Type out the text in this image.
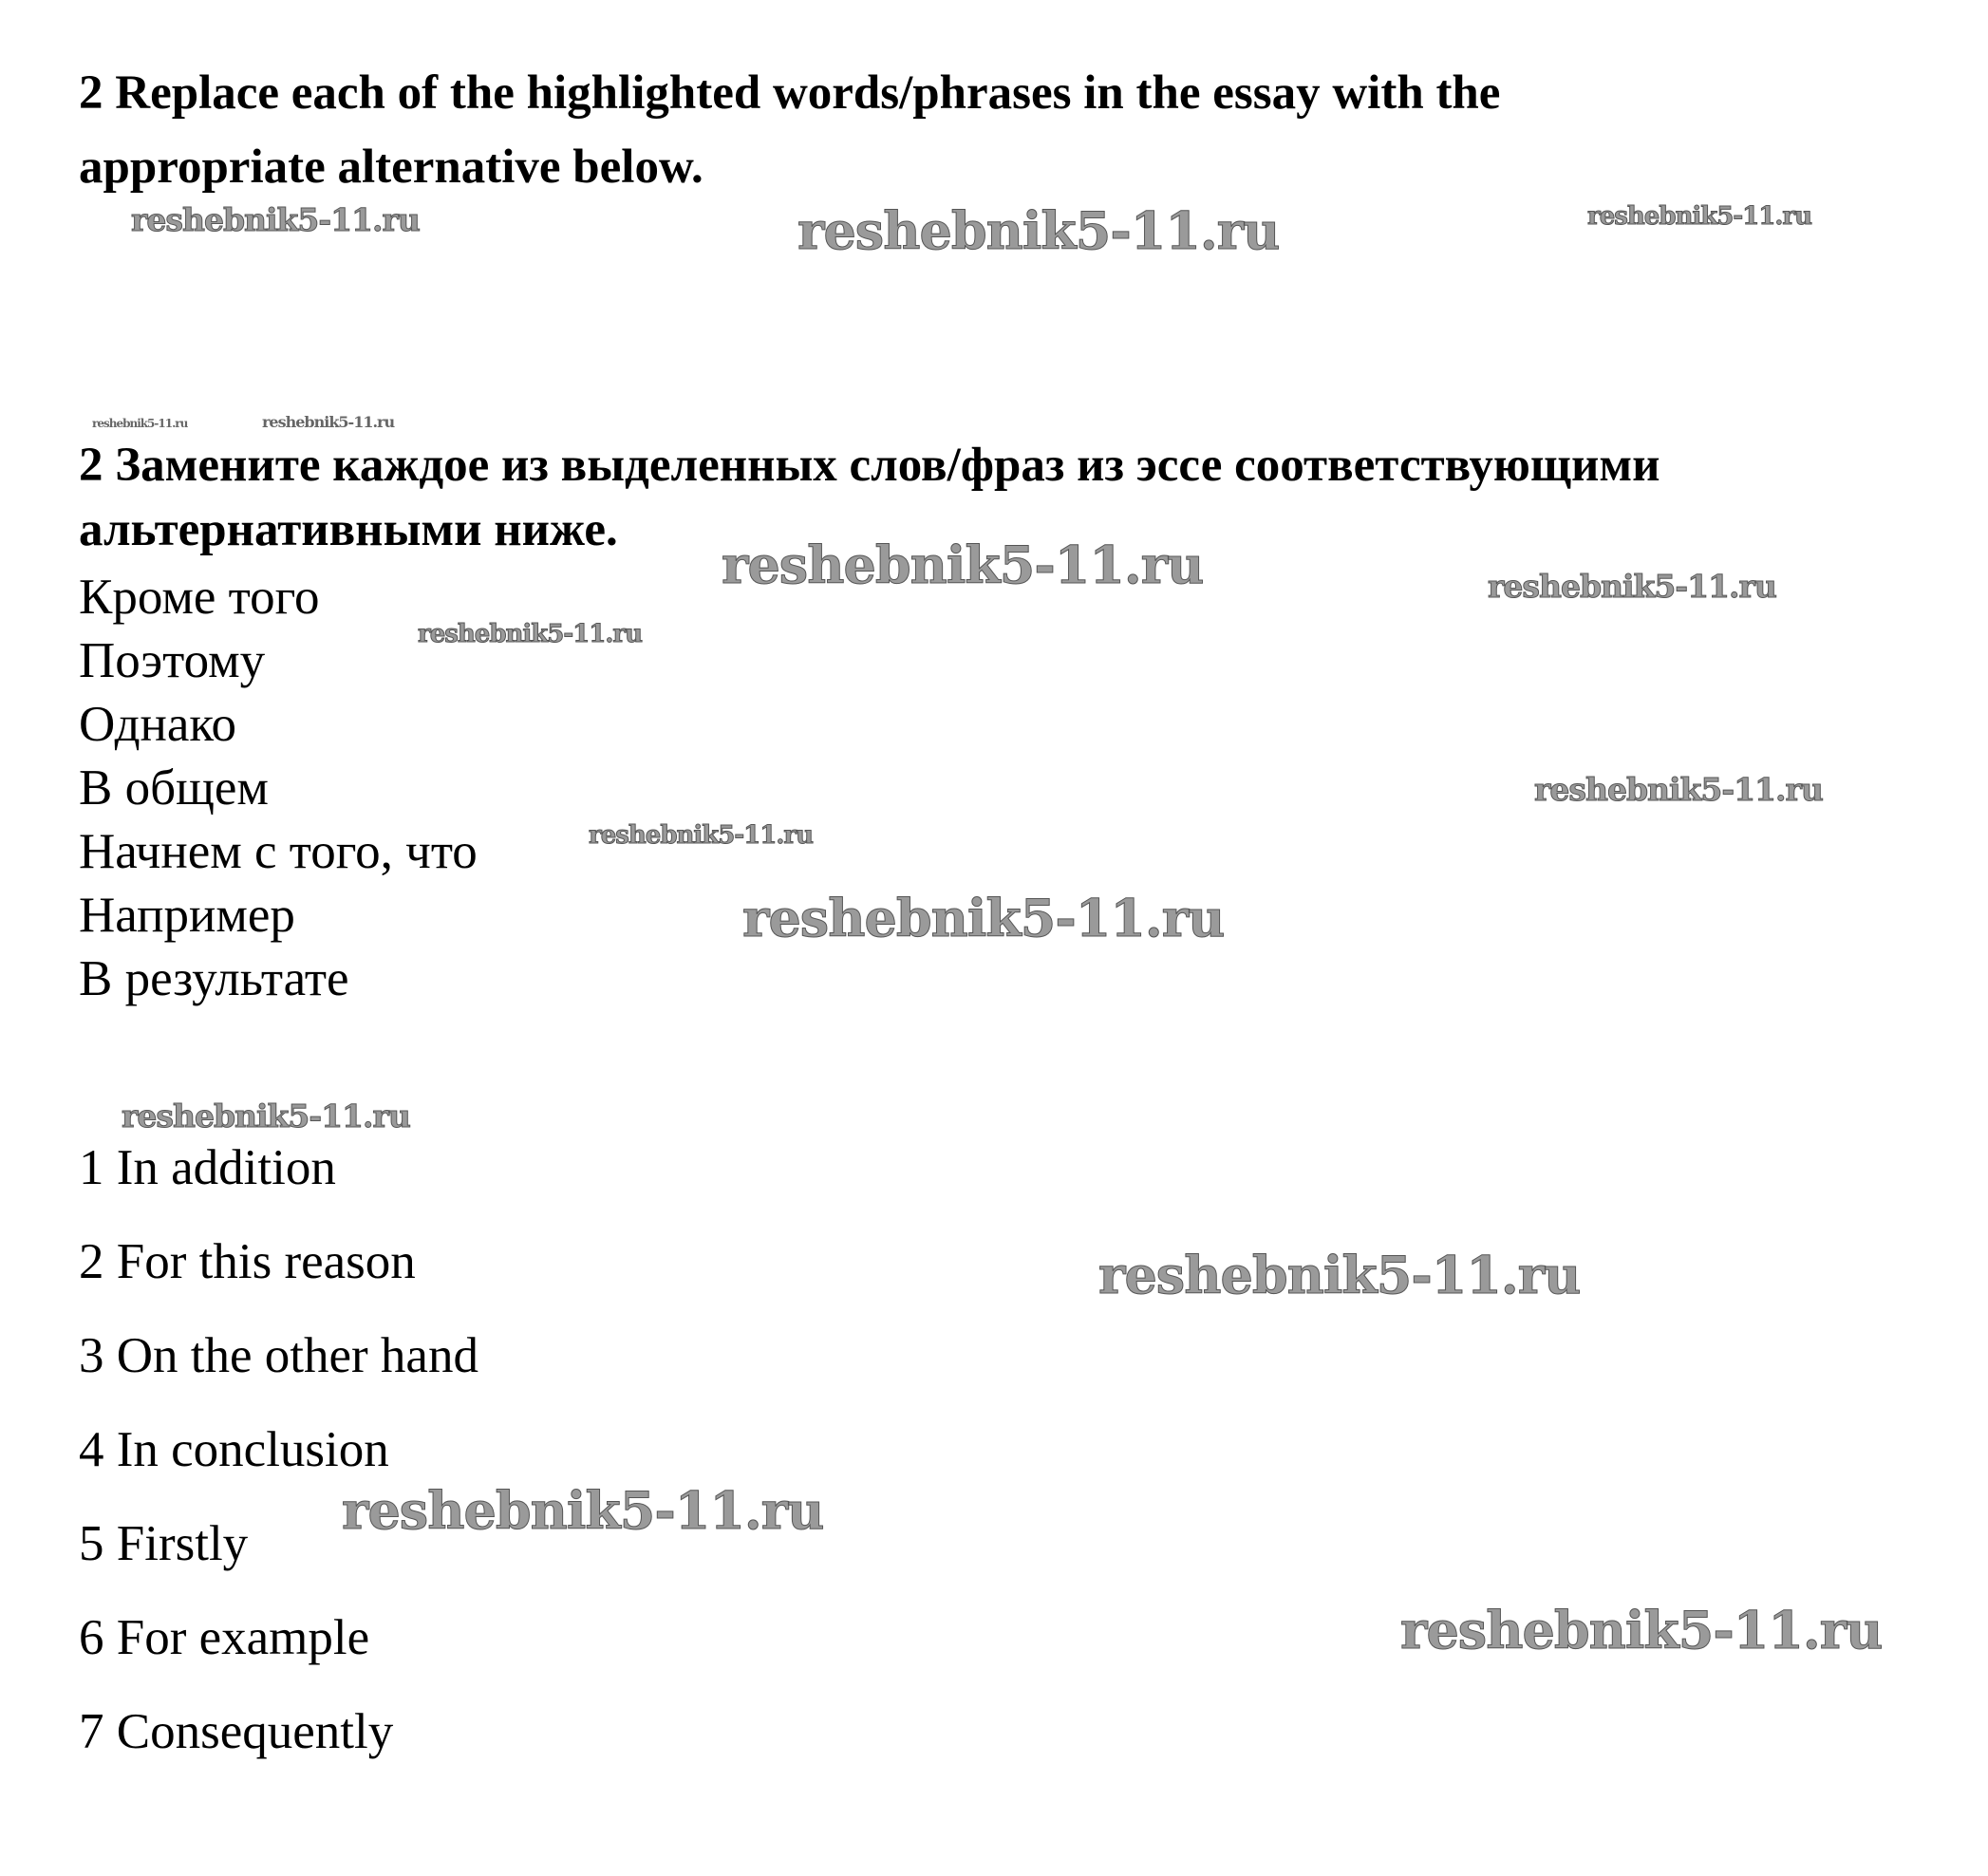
2 Replace each of the highlighted words/phrases in the essay with the
appropriate alternative below.
2 Замените каждое из выделенных слов/фраз из эссе соответствующими
альтернативными ниже.
Кроме того
Поэтому
Однако
В общем
Начнем с того, что
Например
В результате
1 In addition
2 For this reason
3 On the other hand
4 In conclusion
5 Firstly
6 For example
7 Consequently
reshebnik5-11.ru	reshebnik5-11.ru	reshebnik5-11.ru
reshebnik5-11.ru	reshebnik5-11.ru
reshebnik5-11.ru	reshebnik5-11.ru
reshebnik5-11.ru
reshebnik5-11.ru
reshebnik5-11.ru
reshebnik5-11.ru
reshebnik5-11.ru
reshebnik5-11.ru
reshebnik5-11.ru
reshebnik5-11.ru
